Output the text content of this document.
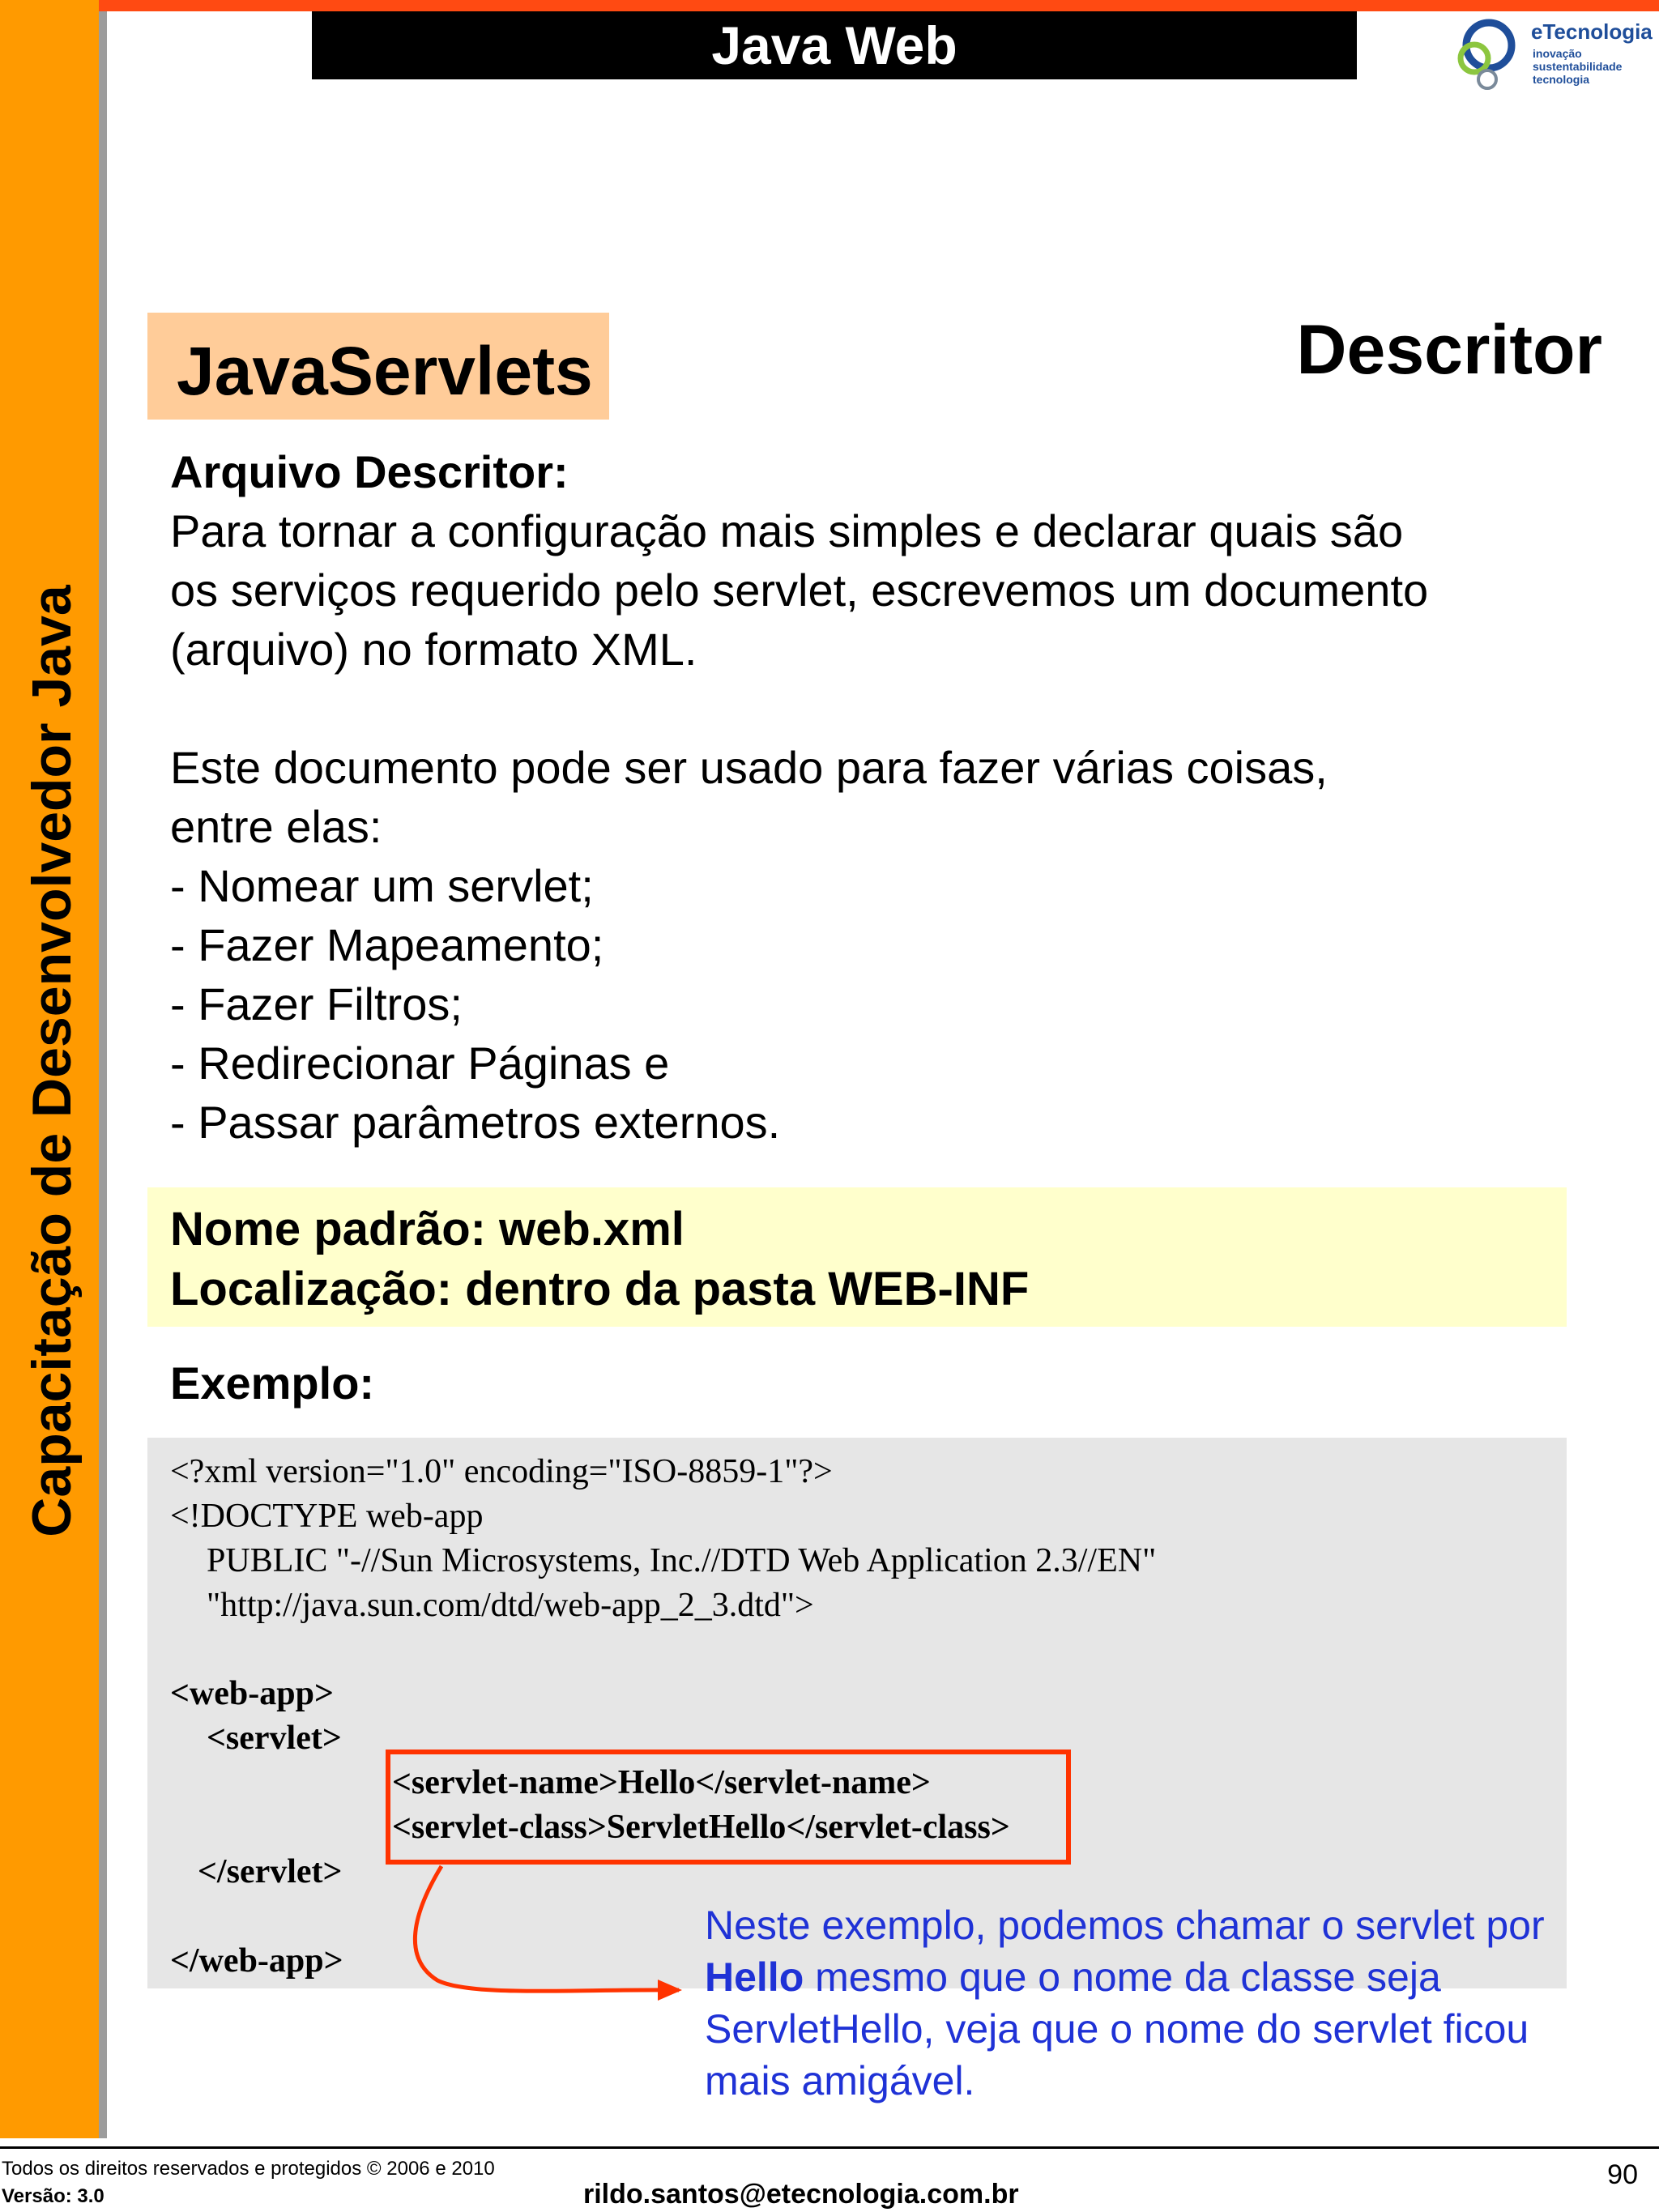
Capacitação de Desenvolvedor Java
Java Web	eTecnologia
inovação
sustentabilidade
tecnologia
JavaServlets	Descritor

Arquivo Descritor:

Para tornar a configuração mais simples e declarar quais são

os serviços requerido pelo servlet, escrevemos um documento

(arquivo) no formato XML.

Este documento pode ser usado para fazer várias coisas,

entre elas:

- Nomear um servlet;

- Fazer Mapeamento;

- Fazer Filtros;

- Redirecionar Páginas e

- Passar parâmetros externos.

Nome padrão: web.xml

Localização: dentro da pasta WEB-INF

Exemplo:
<?xml version="1.0" encoding="ISO-8859-1"?>
<!DOCTYPE web-app
PUBLIC "-//Sun Microsystems, Inc.//DTD Web Application 2.3//EN"
"http://java.sun.com/dtd/web-app_2_3.dtd">
<web-app>
<servlet>
<servlet-name>Hello</servlet-name>
<servlet-class>ServletHello</servlet-class>
</servlet>
</web-app>

Neste exemplo, podemos chamar o servlet por

Hello mesmo que o nome da classe seja

ServletHello, veja que o nome do servlet ficou

mais amigável.

Todos os direitos reservados e protegidos © 2006 e 2010
Versão: 3.0	rildo.santos@etecnologia.com.br
90
